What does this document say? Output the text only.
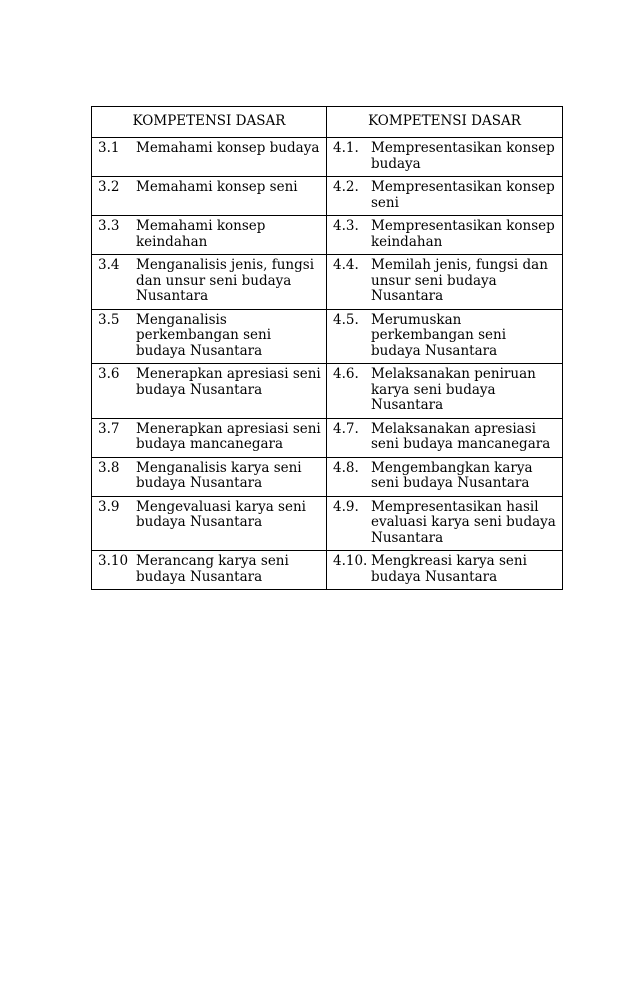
KOMPETENSI DASAR	KOMPETENSI DASAR

3.1 Memahami konsep budaya	4.1. Mempresentasikan konsep budaya

3.2 Memahami konsep seni	4.2. Mempresentasikan konsep seni

3.3 Memahami konsep keindahan	4.3. Mempresentasikan konsep keindahan

3.4 Menganalisis jenis, fungsi dan unsur seni budaya Nusantara	4.4. Memilah jenis, fungsi dan unsur seni budaya Nusantara

3.5 Menganalisis perkembangan seni budaya Nusantara	4.5. Merumuskan perkembangan seni budaya Nusantara

3.6 Menerapkan apresiasi seni budaya Nusantara	4.6. Melaksanakan peniruan karya seni budaya Nusantara

3.7 Menerapkan apresiasi seni budaya mancanegara	4.7. Melaksanakan apresiasi seni budaya mancanegara

3.8 Menganalisis karya seni budaya Nusantara	4.8. Mengembangkan karya seni budaya Nusantara

3.9 Mengevaluasi karya seni budaya Nusantara	4.9. Mempresentasikan hasil evaluasi karya seni budaya Nusantara

3.10 Merancang karya seni budaya Nusantara	4.10. Mengkreasi karya seni budaya Nusantara
